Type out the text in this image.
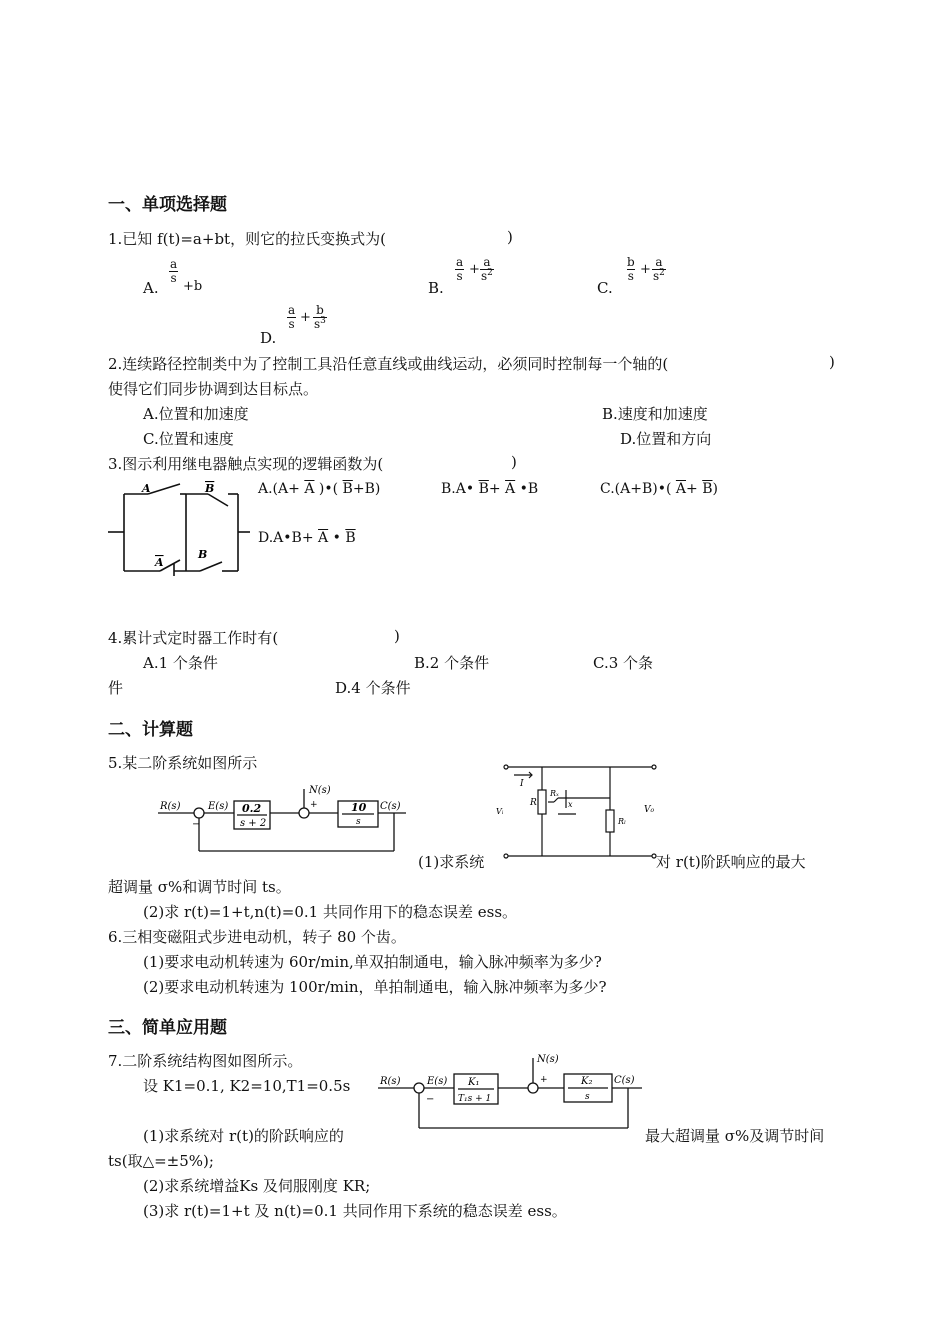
一、单项选择题
1.已知 f(t)=a+bt，则它的拉氏变换式为(	)
A.
$\frac{a}{s}$
+b	B.
$\frac{a}{s} + \frac{a}{s^2}$
C.
$\frac{b}{s} + \frac{a}{s^2}$
D.
$\frac{a}{s} + \frac{b}{s^3}$
2.连续路径控制类中为了控制工具沿任意直线或曲线运动，必须同时控制每一个轴的(	)
使得它们同步协调到达目标点。
A.位置和加速度	B.速度和加速度
C.位置和速度	D.位置和方向
3.图示利用继电器触点实现的逻辑函数为(	)
A	B
A
B
$A.(A+ \overline{A}$ )•( $\overline{B}+B$)	B.A• $\overline{B}+ \overline{A}$ •B	C.(A+B)•( $\overline{A}+ \overline{B}$)
D.A•B+ $\overline{A}$ • $\overline{B}$
4.累计式定时器工作时有(	)
A.1 个条件	B.2 个条件	C.3 个条
件	D.4 个条件
二、计算题
5.某二阶系统如图所示
R(s)	E(s)
−
0.2
s + 2
N(s)
+	10
s
C(s)
I
Vᵢ
R
Rₓ
x
Rₗ
V₀
(1)求系统	对 r(t)阶跃响应的最大
超调量 σ%和调节时间 ts。
(2)求 r(t)=1+t,n(t)=0.1 共同作用下的稳态误差 ess。
6.三相变磁阻式步进电动机，转子 80 个齿。
(1)要求电动机转速为 60r/min,单双拍制通电，输入脉冲频率为多少?
(2)要求电动机转速为 100r/min，单拍制通电，输入脉冲频率为多少?
三、简单应用题
7.二阶系统结构图如图所示。
设 K1=0.1, K2=10,T1=0.5s	R(s)	E(s)
−
K₁
T₁s + 1
N(s)
+	K₂
s
C(s)
(1)求系统对 r(t)的阶跃响应的	最大超调量 σ%及调节时间
ts(取△=±5%);
(2)求系统增益Ks 及伺服刚度 KR;
(3)求 r(t)=1+t 及 n(t)=0.1 共同作用下系统的稳态误差 ess。
